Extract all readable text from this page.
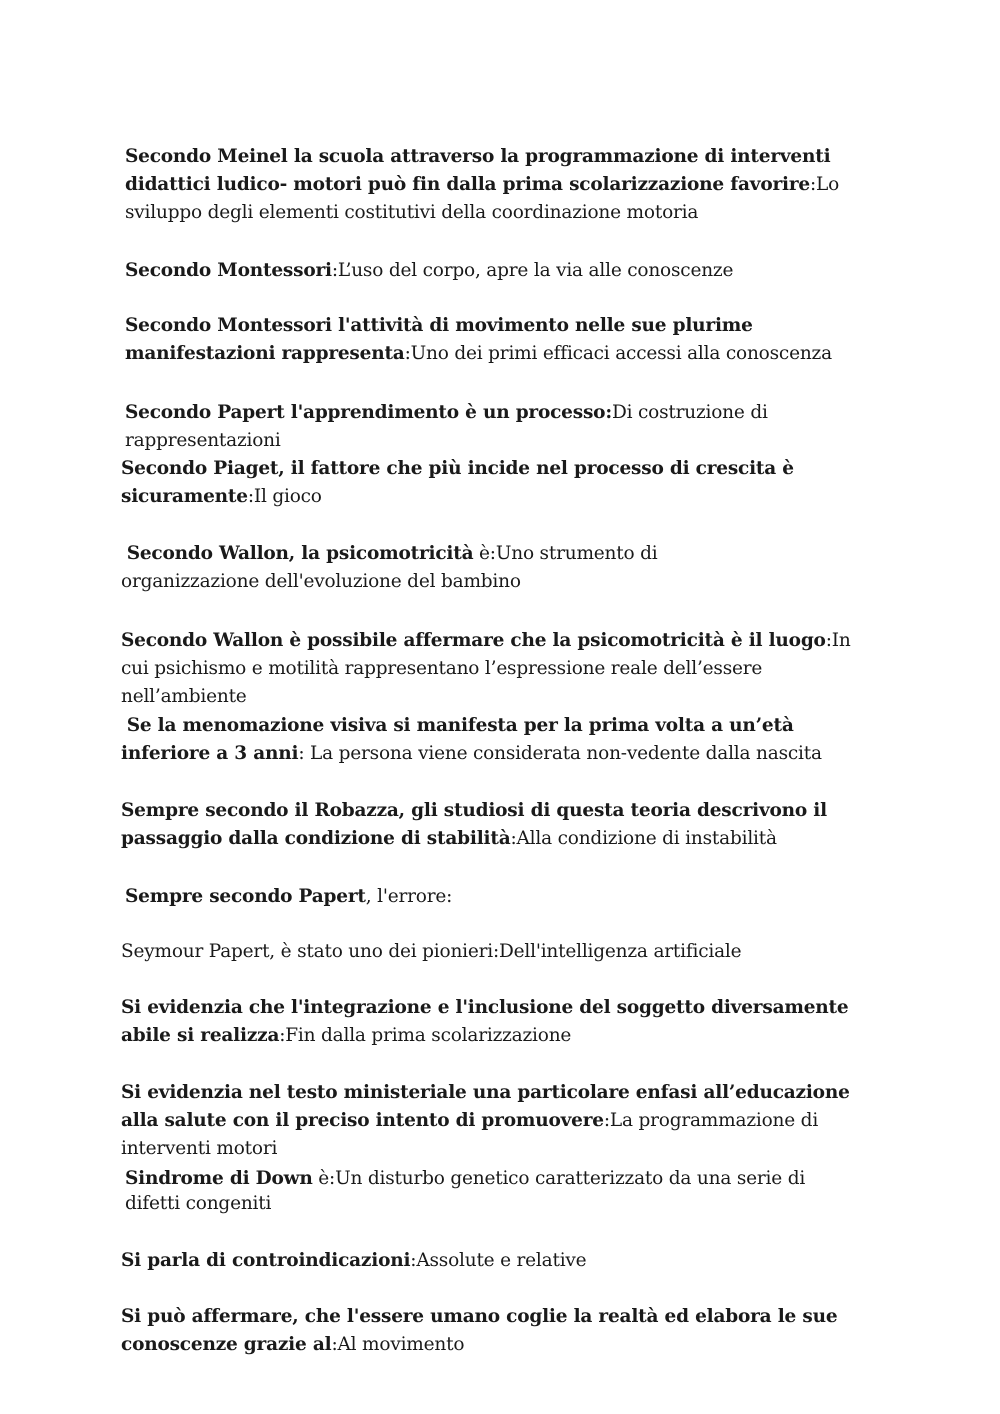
Secondo Meinel la scuola attraverso la programmazione di interventi didattici ludico- motori può fin dalla prima scolarizzazione favorire:Lo sviluppo degli elementi costitutivi della coordinazione motoria

Secondo Montessori:L’uso del corpo, apre la via alle conoscenze

Secondo Montessori l'attività di movimento nelle sue plurime manifestazioni rappresenta:Uno dei primi efficaci accessi alla conoscenza

Secondo Papert l'apprendimento è un processo:Di costruzione di rappresentazioni

Secondo Piaget, il fattore che più incide nel processo di crescita è sicuramente:Il gioco

Secondo Wallon, la psicomotricità è:Uno strumento di organizzazione dell'evoluzione del bambino

Secondo Wallon è possibile affermare che la psicomotricità è il luogo:In cui psichismo e motilità rappresentano l’espressione reale dell’essere nell’ambiente

Se la menomazione visiva si manifesta per la prima volta a un’età inferiore a 3 anni: La persona viene considerata non-vedente dalla nascita

Sempre secondo il Robazza, gli studiosi di questa teoria descrivono il passaggio dalla condizione di stabilità:Alla condizione di instabilità

Sempre secondo Papert, l'errore:

Seymour Papert, è stato uno dei pionieri:Dell'intelligenza artificiale

Si evidenzia che l'integrazione e l'inclusione del soggetto diversamente abile si realizza:Fin dalla prima scolarizzazione

Si evidenzia nel testo ministeriale una particolare enfasi all’educazione alla salute con il preciso intento di promuovere:La programmazione di interventi motori

Sindrome di Down è:Un disturbo genetico caratterizzato da una serie di difetti congeniti

Si parla di controindicazioni:Assolute e relative

Si può affermare, che l'essere umano coglie la realtà ed elabora le sue conoscenze grazie al:Al movimento
